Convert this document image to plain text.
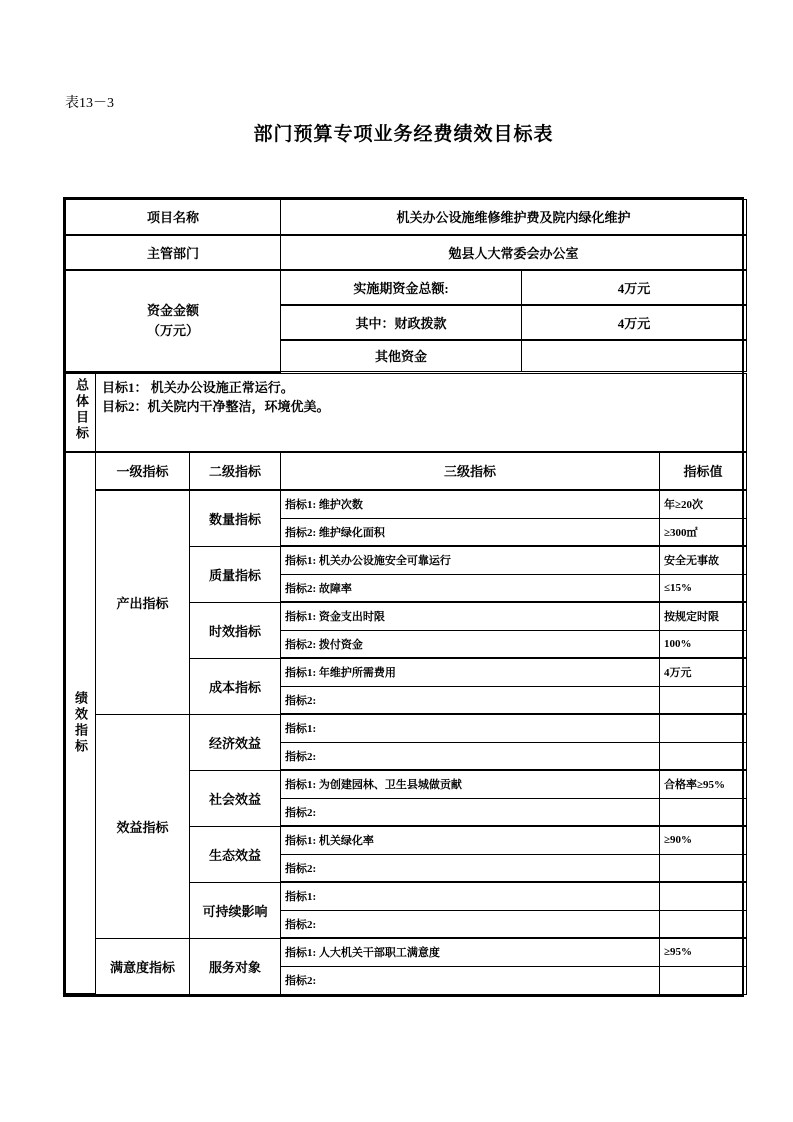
表13－3
部门预算专项业务经费绩效目标表
项目名称	机关办公设施维修维护费及院内绿化维护	
主管部门	勉县人大常委会办公室	

资金金额
（万元）	实施期资金总额:	4万元
	其中：财政拨款	4万元
	其他资金	
总体目标	目标1： 机关办公设施正常运行。
目标2：机关院内干净整洁，环境优美。
绩效指标	一级指标	二级指标	三级指标	指标值
	产出指标	数量指标	指标1: 维护次数	年≥20次
			指标2: 维护绿化面积	≥300㎡
		质量指标	指标1: 机关办公设施安全可靠运行	安全无事故
			指标2: 故障率	≤15%
		时效指标	指标1: 资金支出时限	按规定时限
			指标2: 拨付资金	100%
		成本指标	指标1: 年维护所需费用	4万元
			指标2:	
	效益指标	经济效益	指标1:	
			指标2:	
		社会效益	指标1: 为创建园林、卫生县城做贡献	合格率≥95%
			指标2:	
		生态效益	指标1: 机关绿化率	≥90%
			指标2:	
		可持续影响	指标1:	
			指标2:	
	满意度指标	服务对象	指标1: 人大机关干部职工满意度	≥95%
			指标2:	
